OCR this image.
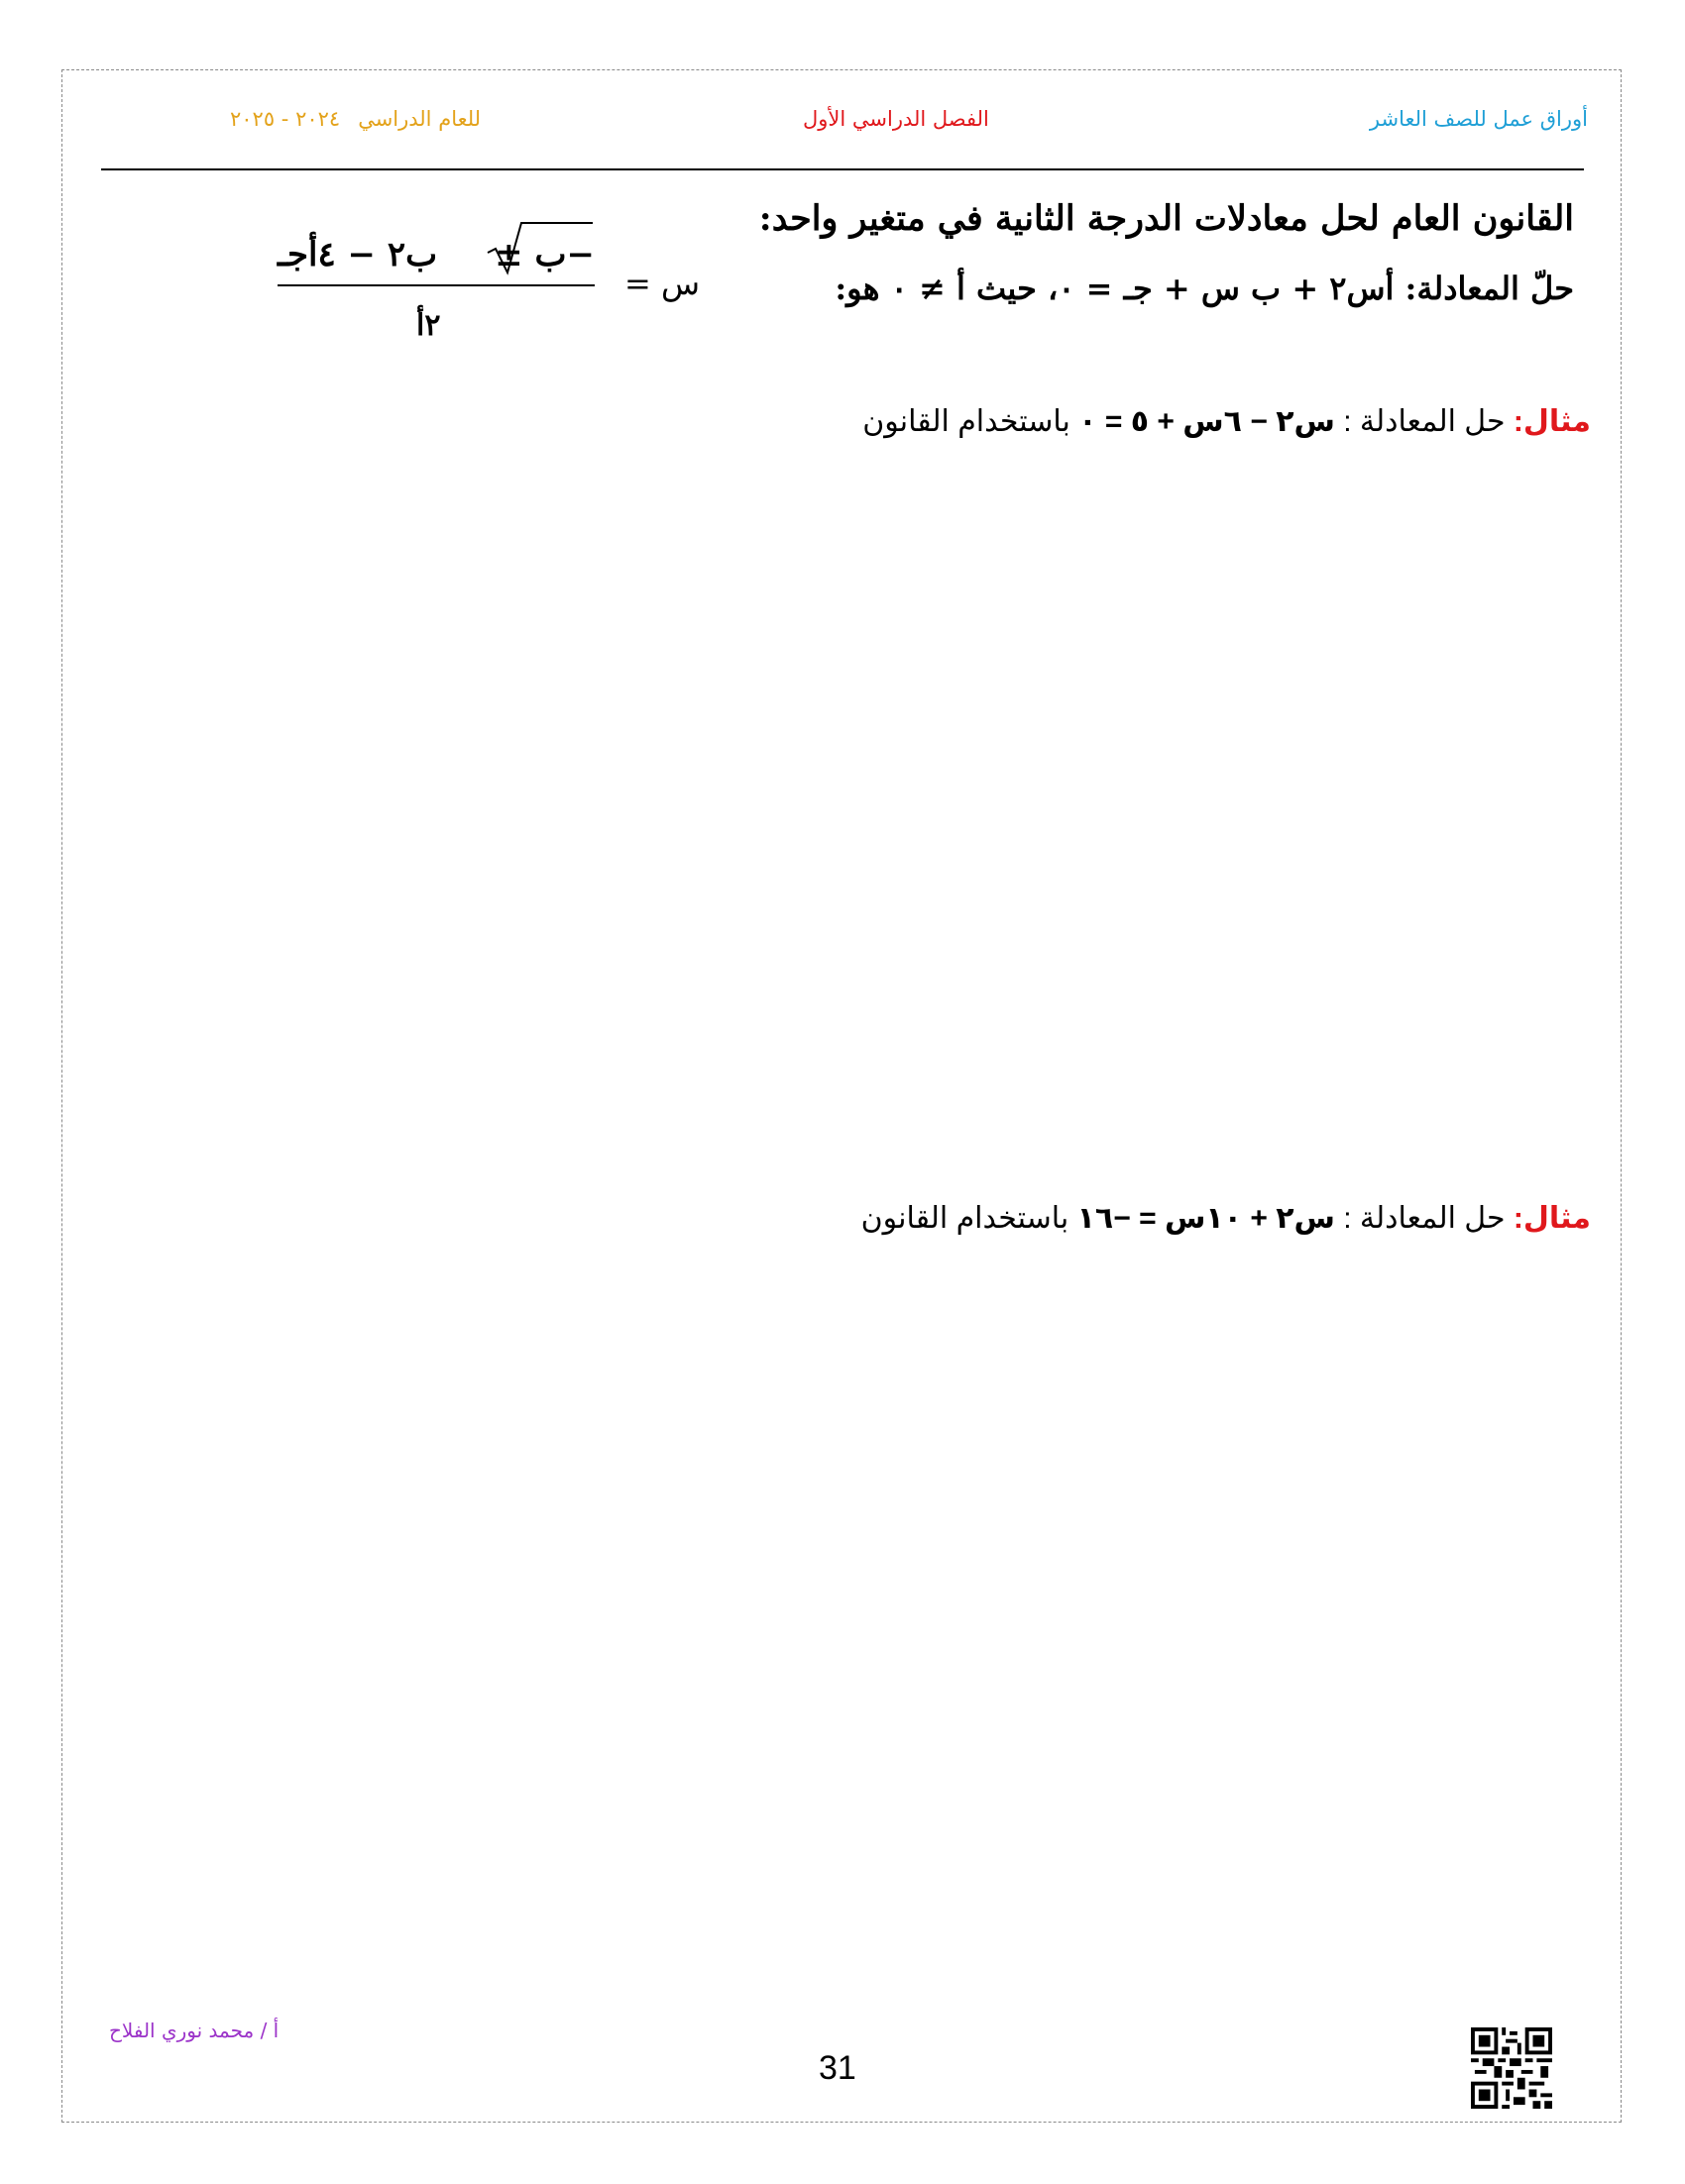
أوراق عمل للصف العاشر
الفصل الدراسي الأول
للعام الدراسي٢٠٢٤ - ٢٠٢٥
القانون العام لحل معادلات الدرجة الثانية في متغير واحد:
حلّ المعادلة: أس٢ + ب س + جـ = ٠، حيث أ ≠ ٠ هو:
−ب ±
ب٢ − ٤أجـ
٢أ
س =
مثال: حل المعادلة : س٢ − ٦س + ٥ = ٠ باستخدام القانون
مثال: حل المعادلة : س٢ + ١٠س = −١٦ باستخدام القانون
أ / محمد نوري الفلاح
31
